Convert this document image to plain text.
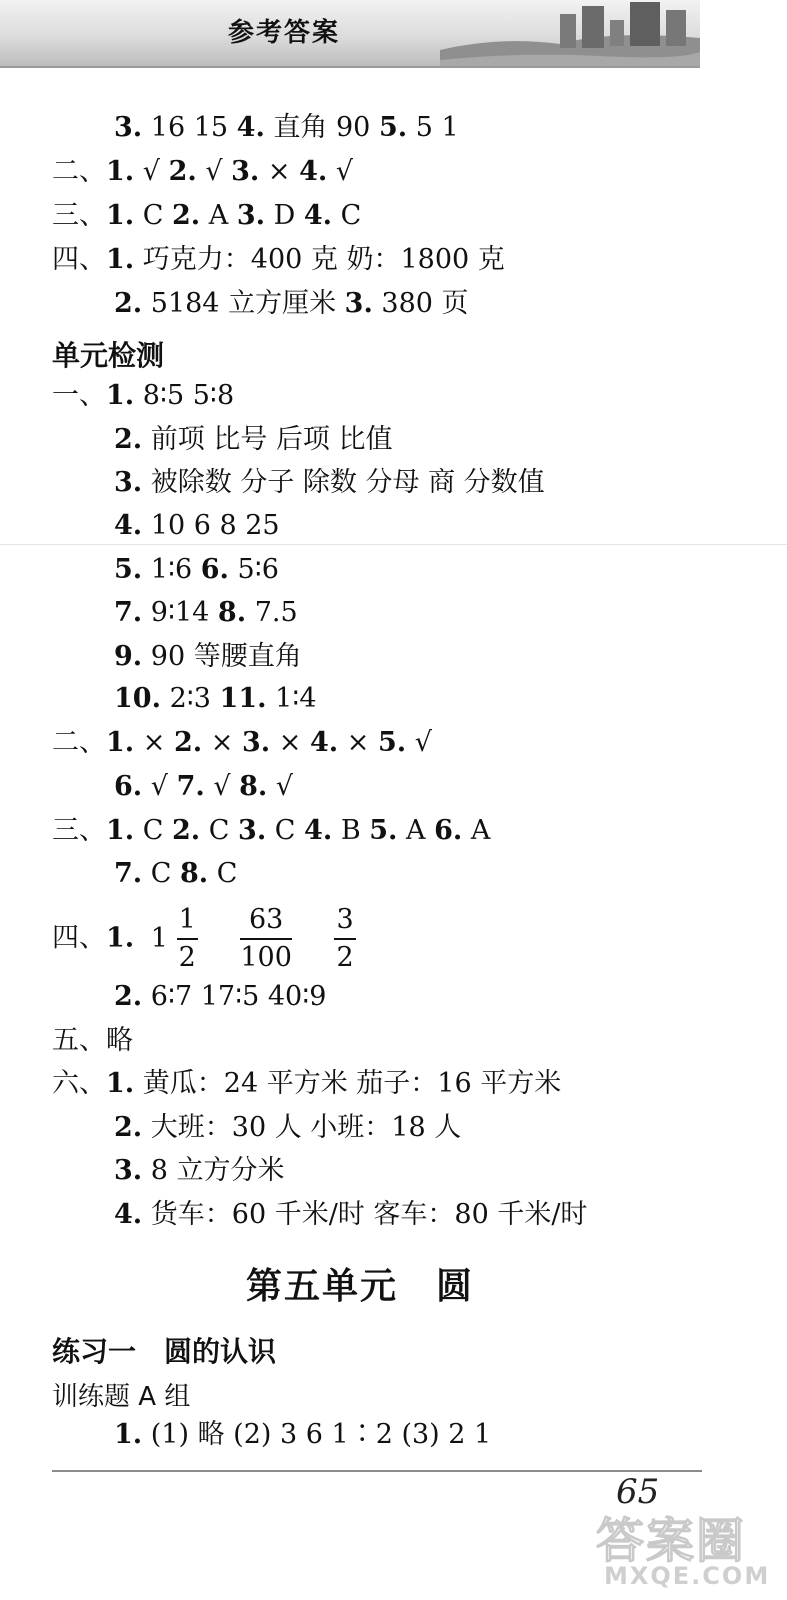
参考答案
3. 16 15 4. 直角 90 5. 5 1
二、1. √ 2. √ 3. × 4. √
三、1. C 2. A 3. D 4. C
四、1. 巧克力：400 克 奶：1800 克
2. 5184 立方厘米 3. 380 页
单元检测
一、1. 8∶5 5∶8
2. 前项 比号 后项 比值
3. 被除数 分子 除数 分母 商 分数值
4. 10 6 8 25
5. 1∶6 6. 5∶6
7. 9∶14 8. 7.5
9. 90 等腰直角
10. 2∶3 11. 1∶4
二、1. × 2. × 3. × 4. × 5. √
6. √ 7. √ 8. √
三、1. C 2. C 3. C 4. B 5. A 6. A
7. C 8. C
四、1. $1 \frac{1}{2}$
$\frac{63}{100}$
$\frac{3}{2}$
2. 6∶7 17∶5 40∶9
五、略
六、1. 黄瓜：24 平方米 茄子：16 平方米
2. 大班：30 人 小班：18 人
3. 8 立方分米
4. 货车：60 千米/时 客车：80 千米/时
第五单元　圆
练习一　圆的认识
训练题 A 组
1. (1) 略 (2) 3 6 1∶2 (3) 2 1
65
答案圈
MXQE.COM
